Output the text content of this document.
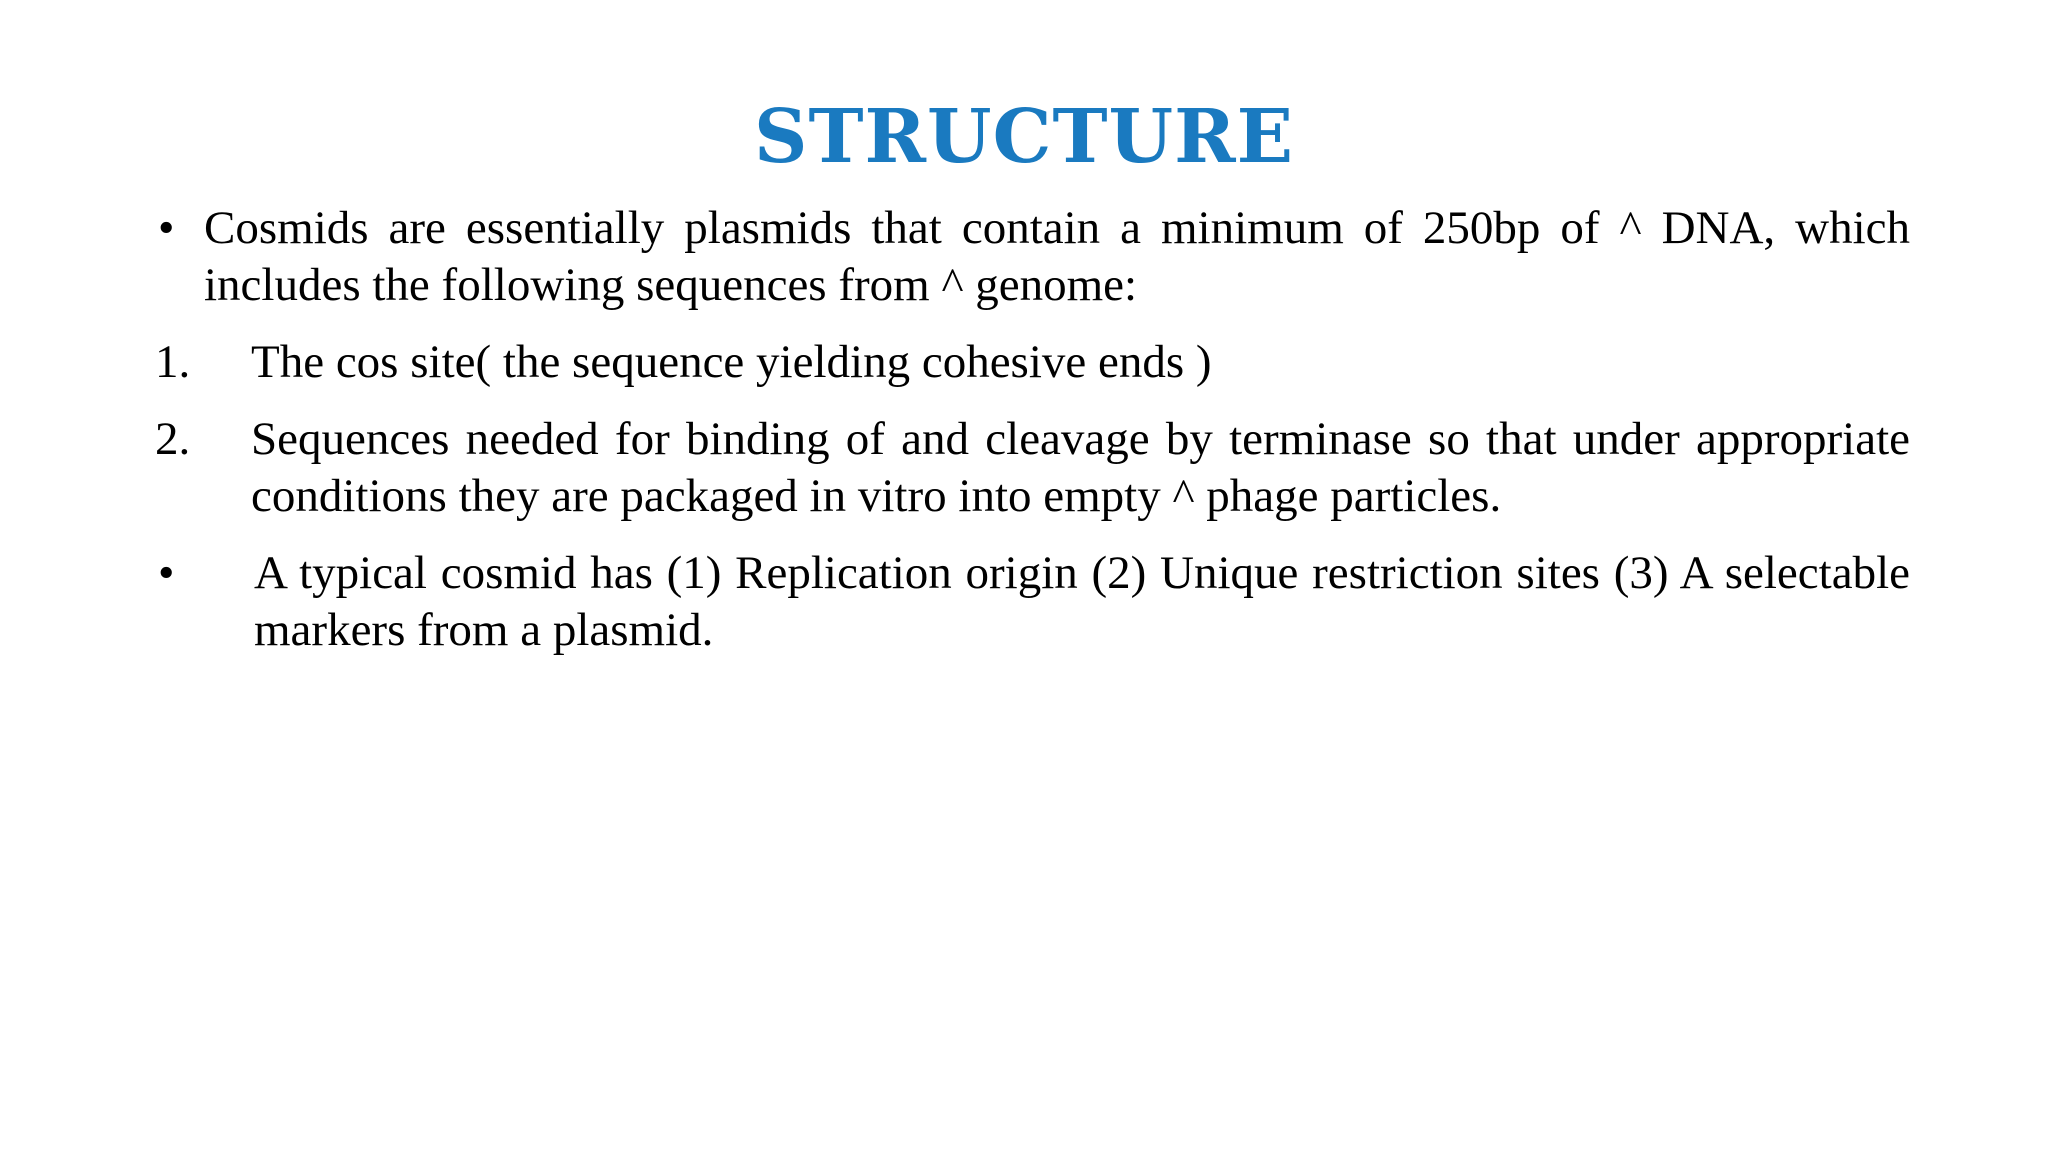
STRUCTURE
• Cosmids are essentially plasmids that contain a minimum of 250bp of ^ DNA, which includes the following sequences from ^ genome:
1.	The cos site( the sequence yielding cohesive ends )
2.	Sequences needed for binding of and cleavage by terminase so that under appropriate conditions they are packaged in vitro into empty ^ phage particles.
•	A typical cosmid has (1) Replication origin (2) Unique restriction sites (3) A selectable markers from a plasmid.
